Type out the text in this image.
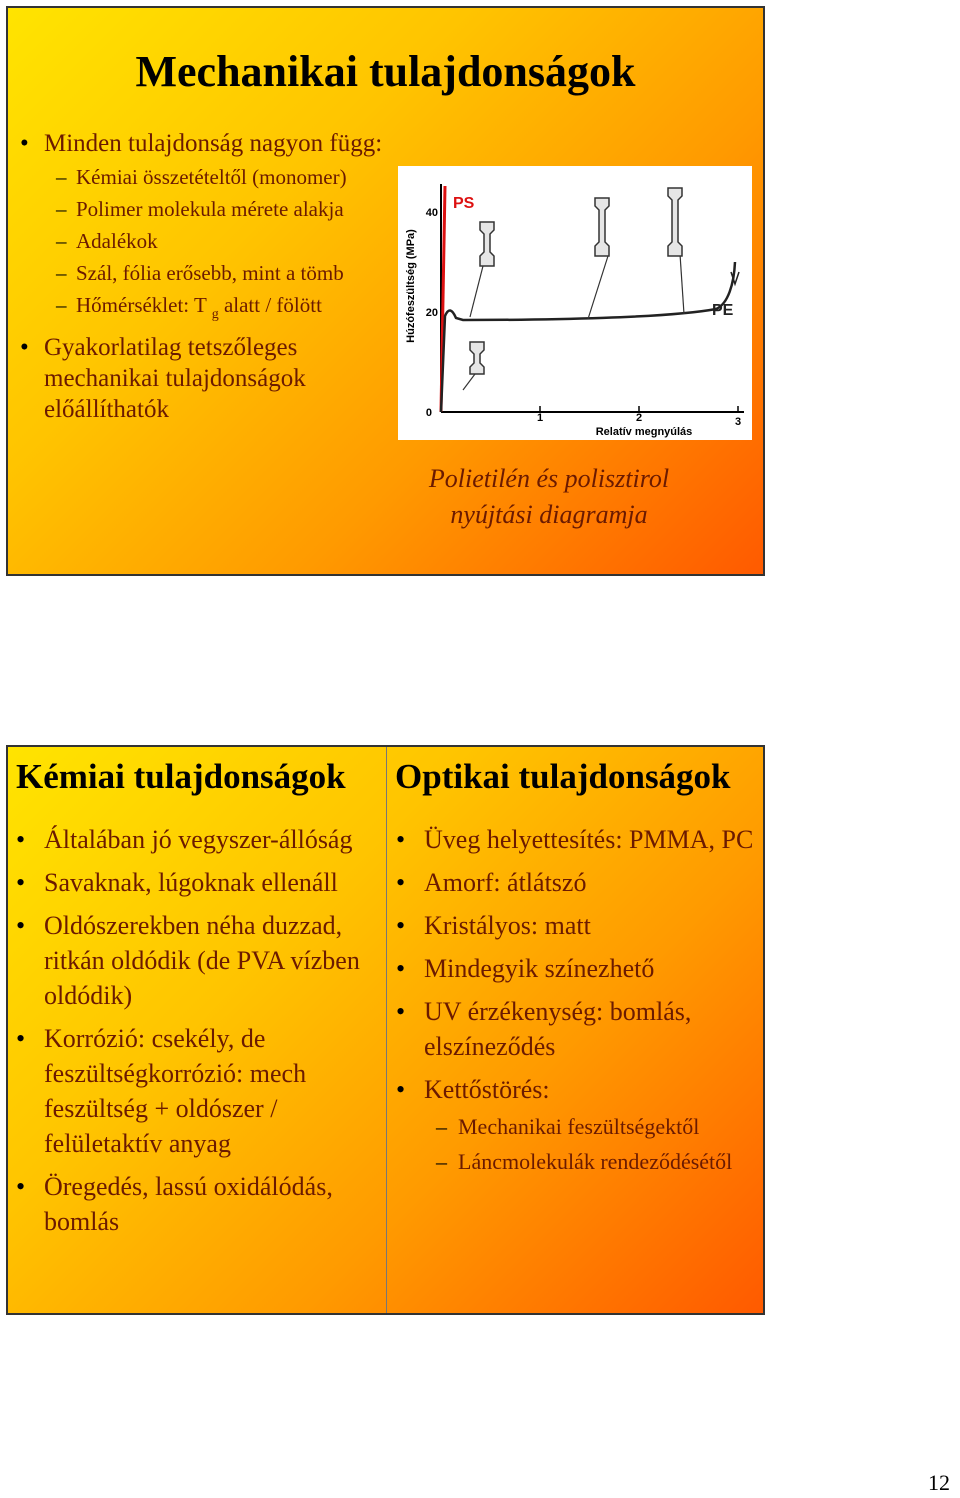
Mechanikai tulajdonságok
• Minden tulajdonság nagyon függ:
– Kémiai összetételtől (monomer)
– Polimer molekula mérete alakja
– Adalékok
– Szál, fólia erősebb, mint a tömb
– Hőmérséklet: T $_g$ alatt / fölött
• Gyakorlatilag tetszőleges mechanikai tulajdonságok előállíthatók	0
20
40
1	2	3
Húzófeszültség (MPa)
Relatív megnyúlás
PS
PE
Polietilén és polisztirol nyújtási diagramja
Kémiai tulajdonságok Optikai tulajdonságok
• Általában jó vegyszer-állóság
• Savaknak, lúgoknak ellenáll
• Oldószerekben néha duzzad, ritkán oldódik (de PVA vízben oldódik)
• Korrózió: csekély, de feszültségkorrózió: mech feszültség + oldószer / felületaktív anyag
• Öregedés, lassú oxidálódás, bomlás
• Üveg helyettesítés: PMMA, PC
• Amorf: átlátszó
• Kristályos: matt
• Mindegyik színezhető
• UV érzékenység: bomlás, elszíneződés
• Kettőstörés:
– Mechanikai feszültségektől
– Láncmolekulák rendeződésétől
12
